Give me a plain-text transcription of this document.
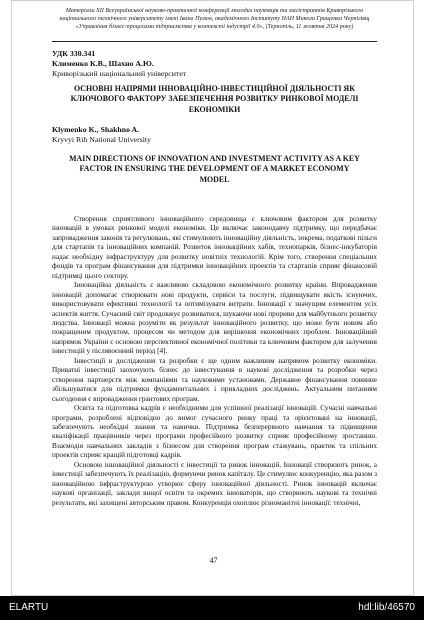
Матеріали XII Всеукраїнської науково-практичної конференції молодих науковців та магістрантів Криворізького
національного технічного університету імені Івана Пулюя, академічного Інституту НАН Миколи Грищенка Чернігівщ
«Управління бізнес-процесами підприємства у контексті індустрії 4.0», (Тернопіль, 11 жовтня 2024 року)
УДК 330.341
Клименко К.В., Шахно А.Ю.
Криворізький національний університет
ОСНОВНІ НАПРЯМИ ІННОВАЦІЙНО-ІНВЕСТИЦІЙНОЇ ДІЯЛЬНОСТІ ЯК
КЛЮЧОВОГО ФАКТОРУ ЗАБЕЗПЕЧЕННЯ РОЗВИТКУ РИНКОВОЇ МОДЕЛІ
ЕКОНОМІКИ
Klymenko K., Shakhno A.
Kryvyi Rih National University
MAIN DIRECTIONS OF INNOVATION AND INVESTMENT ACTIVITY AS A KEY
FACTOR IN ENSURING THE DEVELOPMENT OF A MARKET ECONOMY
MODEL

Створення сприятливого інноваційного середовища є ключовим фактором для розвитку інновацій в умовах ринкової моделі економіки. Це включає законодавчу підтримку, що передбачає запровадження законів та регулювань, які стимулюють інноваційну діяльність, зокрема, податкові пільги для стартапів та інноваційних компаній. Розвиток інноваційних хабів, технопарків, бізнес-інкубаторів надає необхідну інфраструктуру для розвитку новітніх технологій. Крім того, створення спеціальних фондів та програм фінансування для підтримки інноваційних проектів та стартапів сприяє фінансовій підтримці цього сектору.

Інноваційна діяльність є важливою складовою економічного розвитку країни. Впровадження інновацій допомагає створювати нові продукти, сервіси та послуги, підвищувати якість існуючих, використовувати ефективні технології та оптимізувати витрати. Інновації є значущим елементом усіх аспектів життя. Сучасний світ продовжує розвиватися, шукаючи нові прориви для майбутнього розвитку людства. Інновації можна розуміти як результат інноваційного розвитку, що може бути новим або покращеним продуктом, процесом чи методом для вирішення економічних проблем. Інноваційний напрямок України є основою перспективної економічної політики та ключовим фактором для залучення інвестицій у післявоєнний період [4].

Інвестиції в дослідження та розробки є ще одним важливим напрямом розвитку економіки. Приватні інвестиції заохочують бізнес до інвестування в наукові дослідження та розробки через створення партнерств між компаніями та науковими установами. Державне фінансування повинне збільшуватися для підтримки фундаментальних і прикладних досліджень. Актуальним питанням сьогодення є впровадження грантових програм.

Освіта та підготовка кадрів є необхідними для успішної реалізації інновацій. Сучасні навчальні програми, розроблені відповідно до вимог сучасного ринку праці та орієнтовані на інновації, забезпечують необхідні знання та навички. Підтримка безперервного навчання та підвищення кваліфікації працівників через програми професійного розвитку сприяє професійному зростанню. Взаємодія навчальних закладів з бізнесом для створення програм стажувань, практик та спільних проектів сприяє кращій підготовці кадрів.

Основою інноваційної діяльності є інвестиції та ринок інновацій. Інновації створюють ринок, а інвестиції забезпечують їх реалізацію, формуючи ринок капіталу. Це стимулює конкуренцію, яка разом з інноваційною інфраструктурою утворює сферу інноваційної діяльності. Ринок інновацій включає наукові організації, заклади вищої освіти та окремих інноваторів, що створюють наукові та технічні результати, які захищені авторським правом. Конкуренція охоплює різноманітні інновації: технічні,

47
ELARTU	hdl:lib/46570
